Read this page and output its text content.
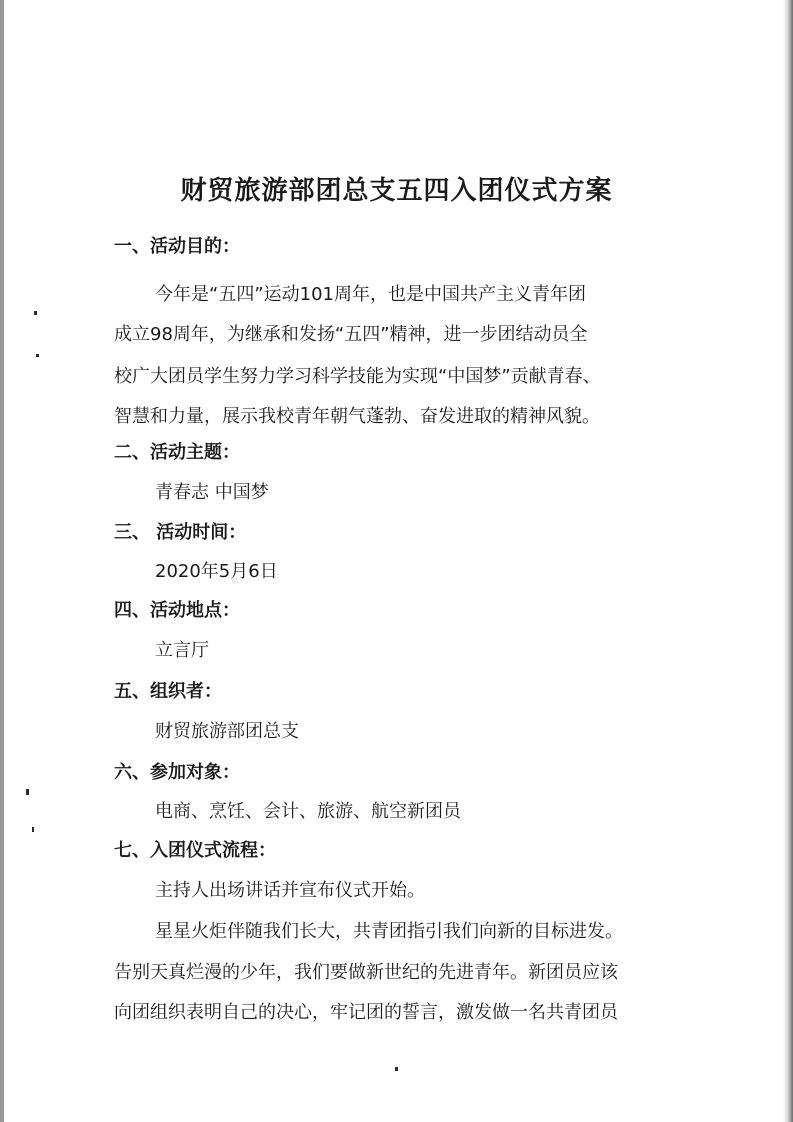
财贸旅游部团总支五四入团仪式方案
一、活动目的：
今年是“五四”运动101周年，也是中国共产主义青年团
成立98周年，为继承和发扬“五四”精神，进一步团结动员全
校广大团员学生努力学习科学技能为实现“中国梦”贡献青春、
智慧和力量，展示我校青年朝气蓬勃、奋发进取的精神风貌。
二、活动主题：
青春志 中国梦
三、 活动时间：
2020年5月6日
四、活动地点：
立言厅
五、组织者：
财贸旅游部团总支
六、参加对象：
电商、烹饪、会计、旅游、航空新团员
七、入团仪式流程：
主持人出场讲话并宣布仪式开始。
星星火炬伴随我们长大，共青团指引我们向新的目标进发。
告别天真烂漫的少年，我们要做新世纪的先进青年。新团员应该
向团组织表明自己的决心，牢记团的誓言，激发做一名共青团员
